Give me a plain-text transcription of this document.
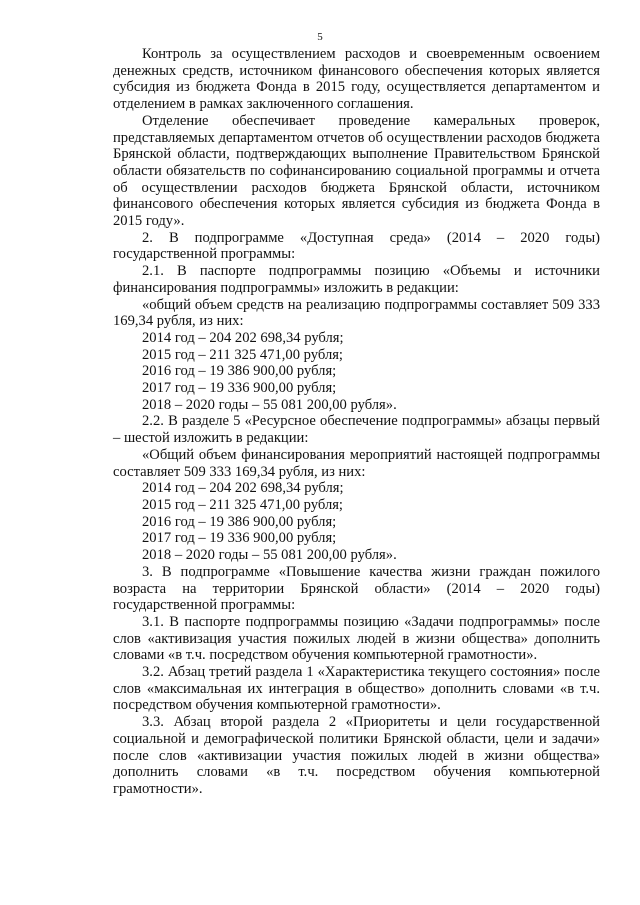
5

Контроль за осуществлением расходов и своевременным освоением денежных средств, источником финансового обеспечения которых является субсидия из бюджета Фонда в 2015 году, осуществляется департаментом и отделением в рамках заключенного соглашения.

Отделение обеспечивает проведение камеральных проверок, представляемых департаментом отчетов об осуществлении расходов бюджета Брянской области, подтверждающих выполнение Правительством Брянской области обязательств по софинансированию социальной программы и отчета об осуществлении расходов бюджета Брянской области, источником финансового обеспечения которых является субсидия из бюджета Фонда в 2015 году».

2. В подпрограмме «Доступная среда» (2014 – 2020 годы) государственной программы:

2.1. В паспорте подпрограммы позицию «Объемы и источники финансирования подпрограммы» изложить в редакции:

«общий объем средств на реализацию подпрограммы составляет 509 333 169,34 рубля, из них:

2014 год – 204 202 698,34 рубля;

2015 год – 211 325 471,00 рубля;

2016 год – 19 386 900,00 рубля;

2017 год – 19 336 900,00 рубля;

2018 – 2020 годы – 55 081 200,00 рубля».

2.2. В разделе 5 «Ресурсное обеспечение подпрограммы» абзацы первый – шестой изложить в редакции:

«Общий объем финансирования мероприятий настоящей подпрограммы составляет 509 333 169,34 рубля, из них:

2014 год – 204 202 698,34 рубля;

2015 год – 211 325 471,00 рубля;

2016 год – 19 386 900,00 рубля;

2017 год – 19 336 900,00 рубля;

2018 – 2020 годы – 55 081 200,00 рубля».

3. В подпрограмме «Повышение качества жизни граждан пожилого возраста на территории Брянской области» (2014 – 2020 годы) государственной программы:

3.1. В паспорте подпрограммы позицию «Задачи подпрограммы» после слов «активизация участия пожилых людей в жизни общества» дополнить словами «в т.ч. посредством обучения компьютерной грамотности».

3.2. Абзац третий раздела 1 «Характеристика текущего состояния» после слов «максимальная их интеграция в общество» дополнить словами «в т.ч. посредством обучения компьютерной грамотности».

3.3. Абзац второй раздела 2 «Приоритеты и цели государственной социальной и демографической политики Брянской области, цели и задачи» после слов «активизации участия пожилых людей в жизни общества» дополнить словами «в т.ч. посредством обучения компьютерной грамотности».
